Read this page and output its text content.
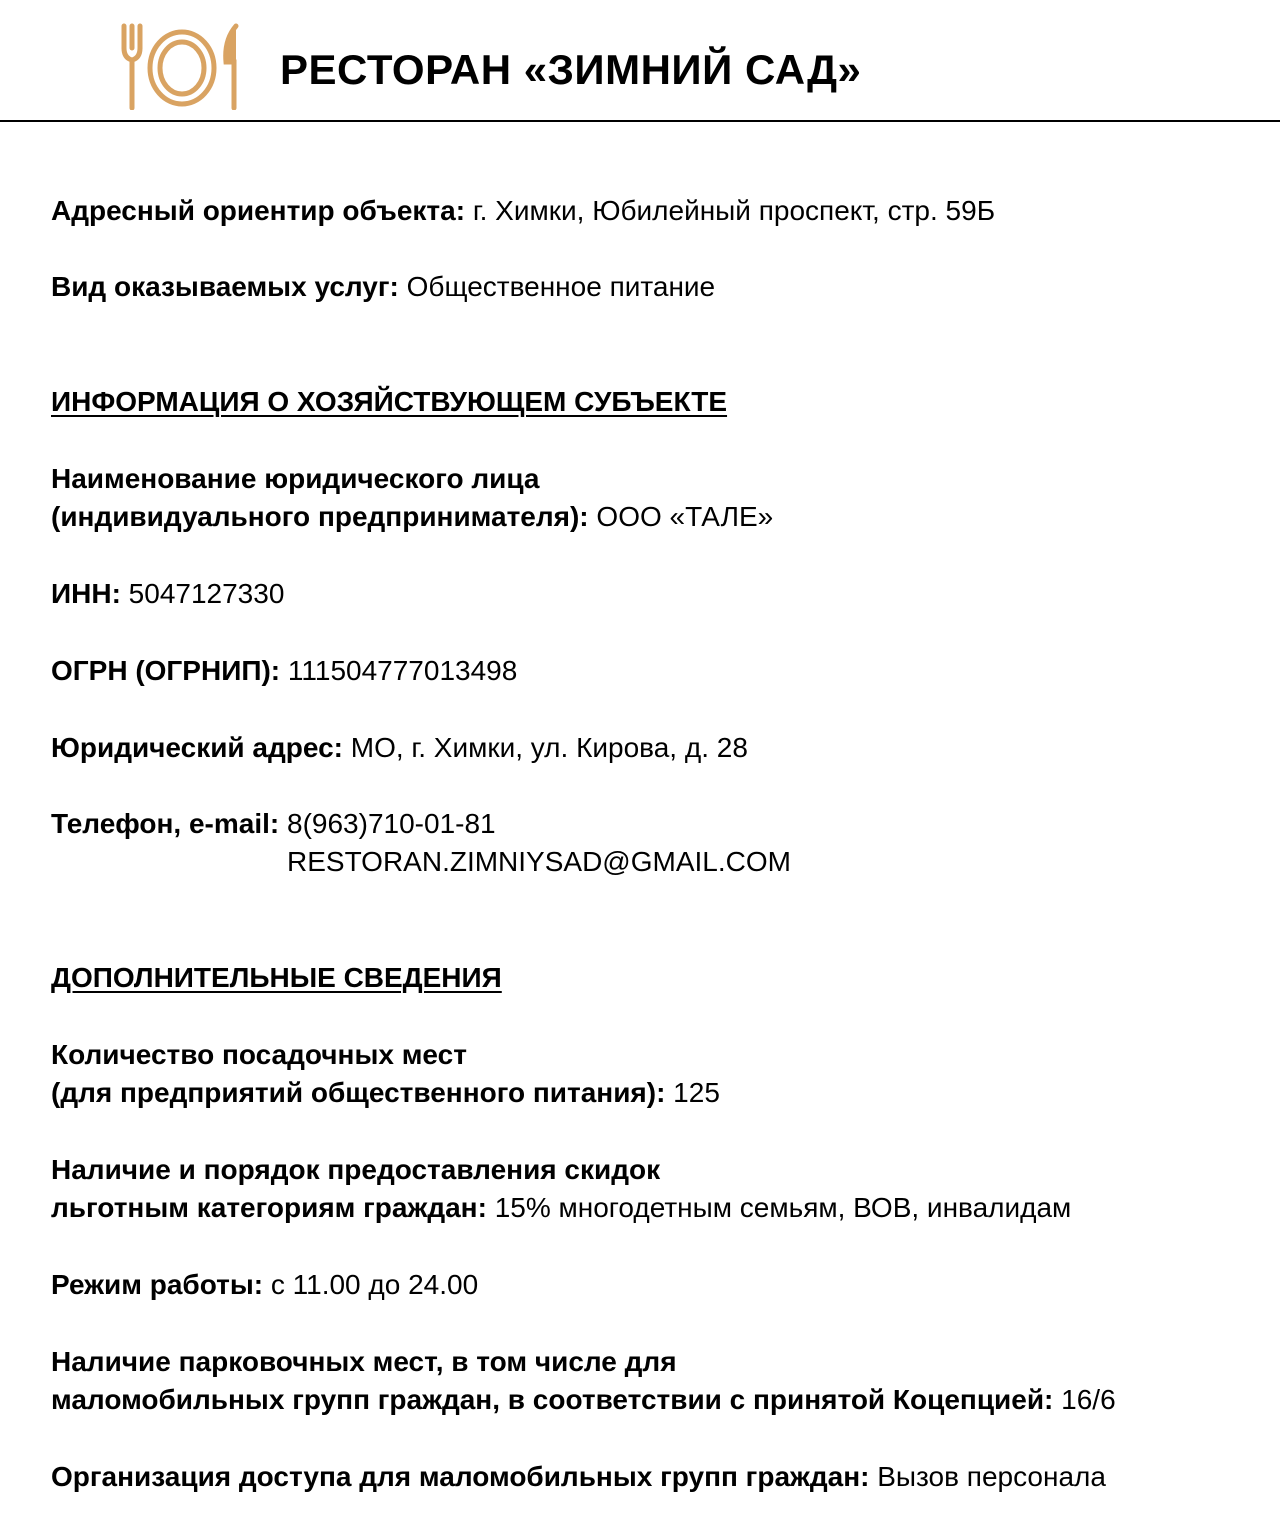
РЕСТОРАН «ЗИМНИЙ САД»
Адресный ориентир объекта: г. Химки, Юбилейный проспект, стр. 59Б
Вид оказываемых услуг: Общественное питание
ИНФОРМАЦИЯ О ХОЗЯЙСТВУЮЩЕМ СУБЪЕКТЕ
Наименование юридического лица
(индивидуального предпринимателя): ООО «ТАЛЕ»
ИНН: 5047127330
ОГРН (ОГРНИП): 111504777013498
Юридический адрес: МО, г. Химки, ул. Кирова, д. 28
Телефон, e-mail: 8(963)710-01-81
RESTORAN.ZIMNIYSAD@GMAIL.COM
ДОПОЛНИТЕЛЬНЫЕ СВЕДЕНИЯ
Количество посадочных мест
(для предприятий общественного питания): 125
Наличие и порядок предоставления скидок
льготным категориям граждан: 15% многодетным семьям, ВОВ, инвалидам
Режим работы: с 11.00 до 24.00
Наличие парковочных мест, в том числе для
маломобильных групп граждан, в соответствии с принятой Коцепцией: 16/6
Организация доступа для маломобильных групп граждан: Вызов персонала
